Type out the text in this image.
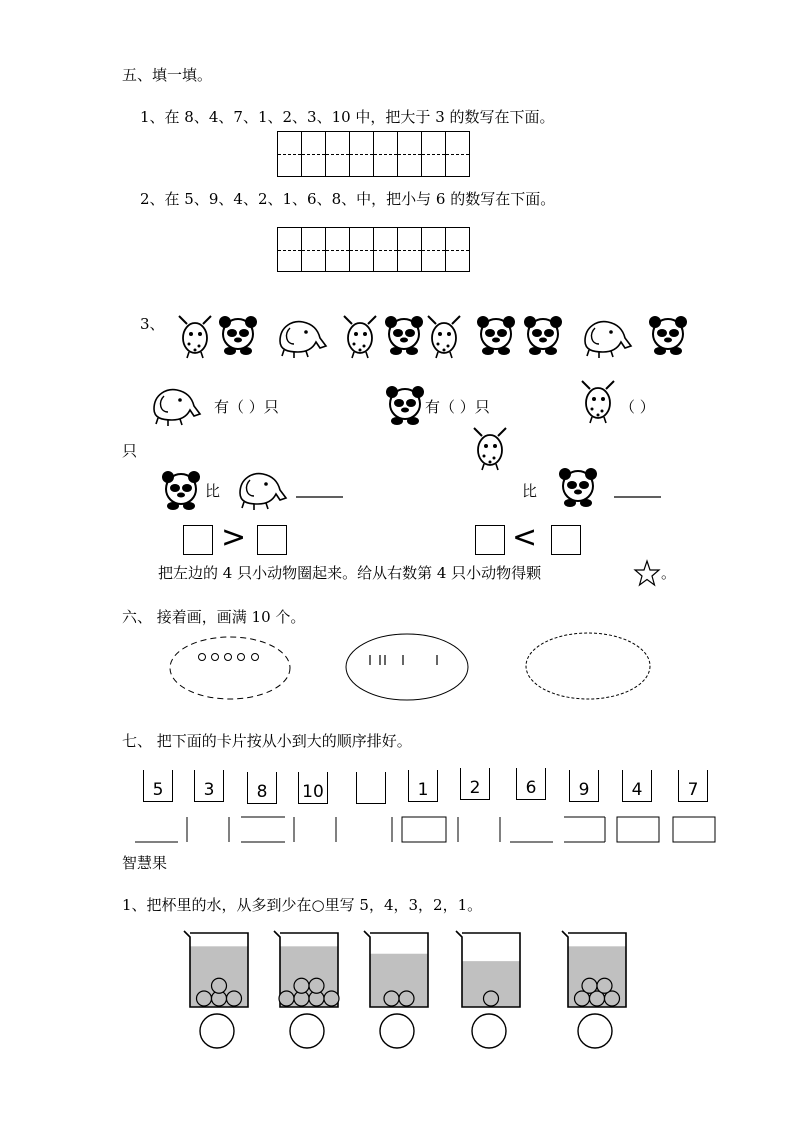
五、填一填。
1、在 8、4、7、1、2、3、10 中，把大于 3 的数写在下面。
2、在 5、9、4、2、1、6、8、中，把小与 6 的数写在下面。
3、
有（ ）只	有（ ）只	（ ）
只
比	比
>	<
把左边的 4 只小动物圈起来。给从右数第 4 只小动物得颗	。
六、 接着画，画满 10 个。
七、 把下面的卡片按从小到大的顺序排好。
5 3 8 10	1 2	6 9 4	7
智慧果
1、把杯里的水，从多到少在○里写 5，4，3，2，1。
